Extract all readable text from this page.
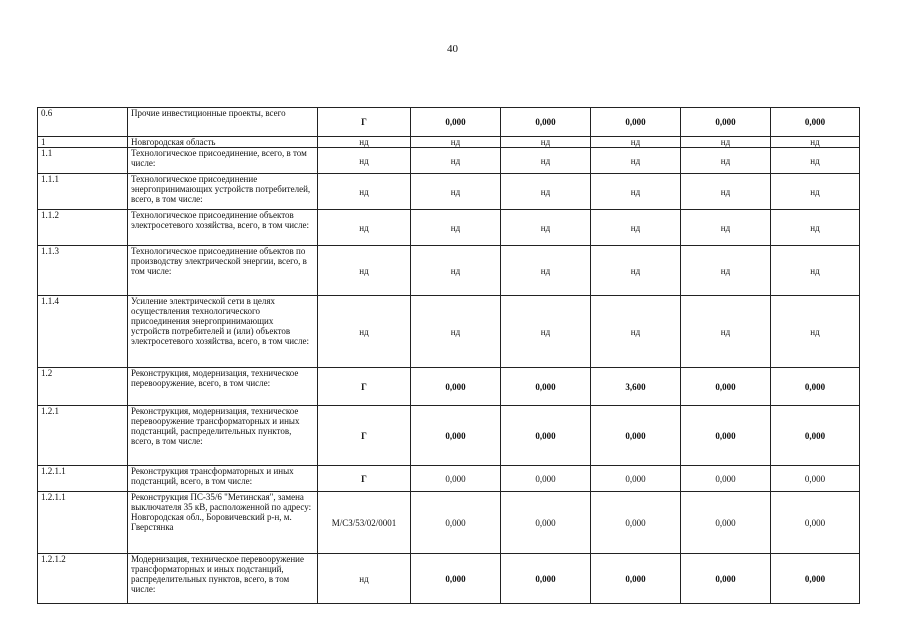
40
0.6	Прочие инвестиционные проекты, всего	Г	0,000	0,000	0,000	0,000	0,000
1	Новгородская область	нд	нд	нд	нд	нд	нд
1.1	Технологическое присоединение, всего, в том числе:	нд	нд	нд	нд	нд	нд
1.1.1	Технологическое присоединение энергопринимающих устройств потребителей, всего, в том числе:	нд	нд	нд	нд	нд	нд
1.1.2	Технологическое присоединение объектов электросетевого хозяйства, всего, в том числе:	нд	нд	нд	нд	нд	нд
1.1.3	Технологическое присоединение объектов по производству электрической энергии, всего, в том числе:	нд	нд	нд	нд	нд	нд
1.1.4	Усиление электрической сети в целях осуществления технологического присоединения энергопринимающих устройств потребителей и (или) объектов электросетевого хозяйства, всего, в том числе:	нд	нд	нд	нд	нд	нд
1.2	Реконструкция, модернизация, техническое перевооружение, всего, в том числе:	Г	0,000	0,000	3,600	0,000	0,000
1.2.1	Реконструкция, модернизация, техническое перевооружение трансформаторных и иных подстанций, распределительных пунктов, всего, в том числе:	Г	0,000	0,000	0,000	0,000	0,000
1.2.1.1	Реконструкция трансформаторных и иных подстанций, всего, в том числе:	Г	0,000	0,000	0,000	0,000	0,000
1.2.1.1	Реконструкция ПС-35/6 "Метинская", замена выключателя 35 кВ, расположенной по адресу: Новгородская обл., Боровичевский р-н, м. Гверстянка	М/СЗ/53/02/0001	0,000	0,000	0,000	0,000	0,000
1.2.1.2	Модернизация, техническое перевооружение трансформаторных и иных подстанций, распределительных пунктов, всего, в том числе:	нд	0,000	0,000	0,000	0,000	0,000
